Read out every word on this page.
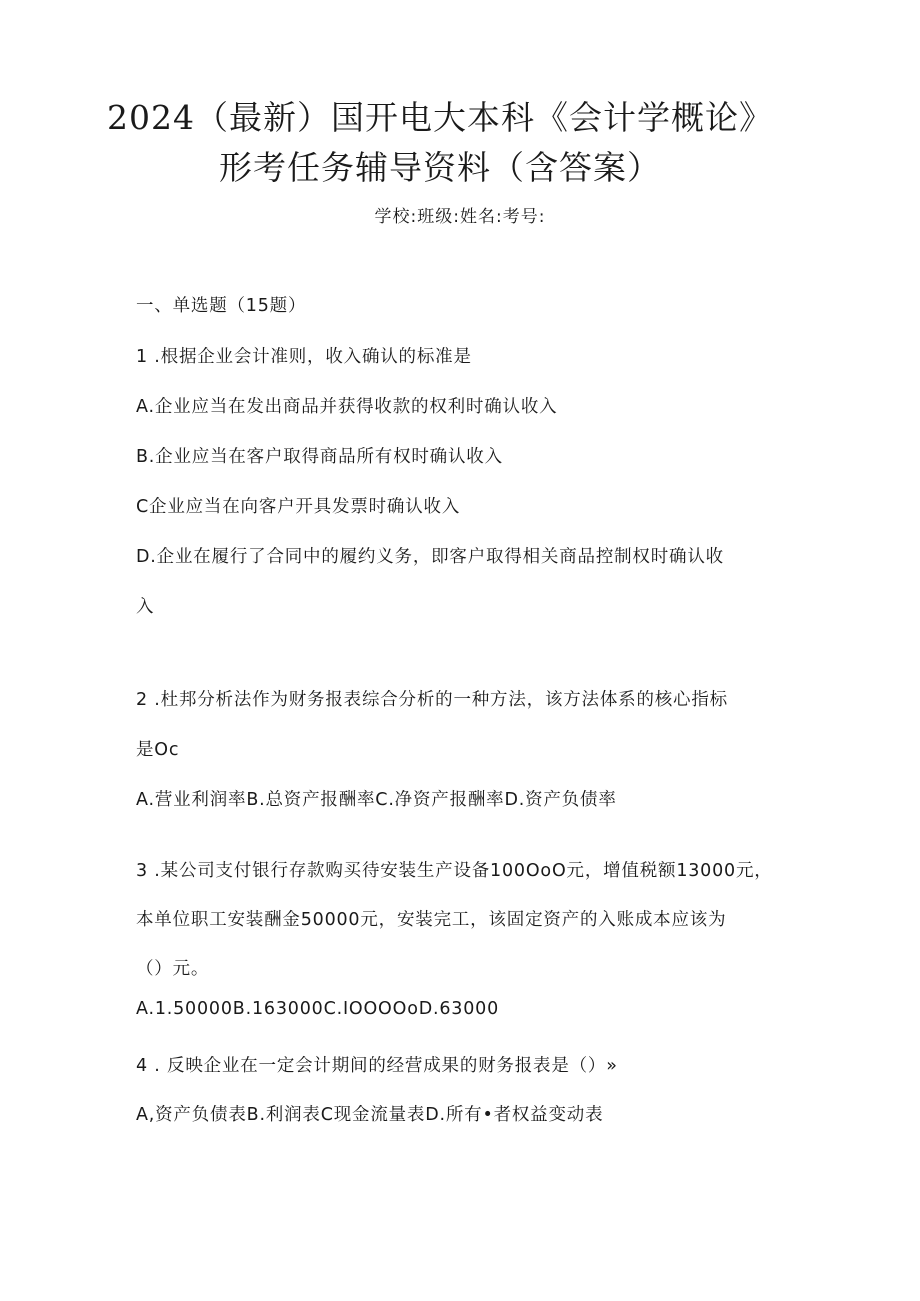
2024（最新）国开电大本科《会计学概论》
形考任务辅导资料（含答案）
学校:班级:姓名:考号:

一、单选题（15题）

1 .根据企业会计准则，收入确认的标准是

A.企业应当在发出商品并获得收款的权利时确认收入

B.企业应当在客户取得商品所有权时确认收入

C企业应当在向客户开具发票时确认收入

D.企业在履行了合同中的履约义务，即客户取得相关商品控制权时确认收

入

2 .杜邦分析法作为财务报表综合分析的一种方法，该方法体系的核心指标

是Oc

A.营业利润率B.总资产报酬率C.净资产报酬率D.资产负债率

3 .某公司支付银行存款购买待安装生产设备100OoO元，增值税额13000元，

本单位职工安装酬金50000元，安装完工，该固定资产的入账成本应该为

（）元。

A.1.50000B.163000C.IOOOOoD.63000

4 . 反映企业在一定会计期间的经营成果的财务报表是（）»

A,资产负债表B.利润表C现金流量表D.所有•者权益变动表
